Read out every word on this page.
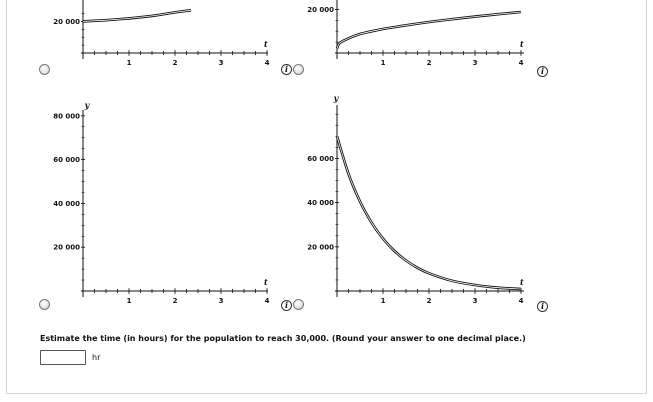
1	2	3	4
t
20 000
1	2	3	4
t
20 000
1	2	3	4
t
20 000
40 000
60 000
80 000
y
1	2	3	4
t
20 000
40 000
60 000
y
i	i
i	i
Estimate the time (in hours) for the population to reach 30,000. (Round your answer to one decimal place.)
hr
